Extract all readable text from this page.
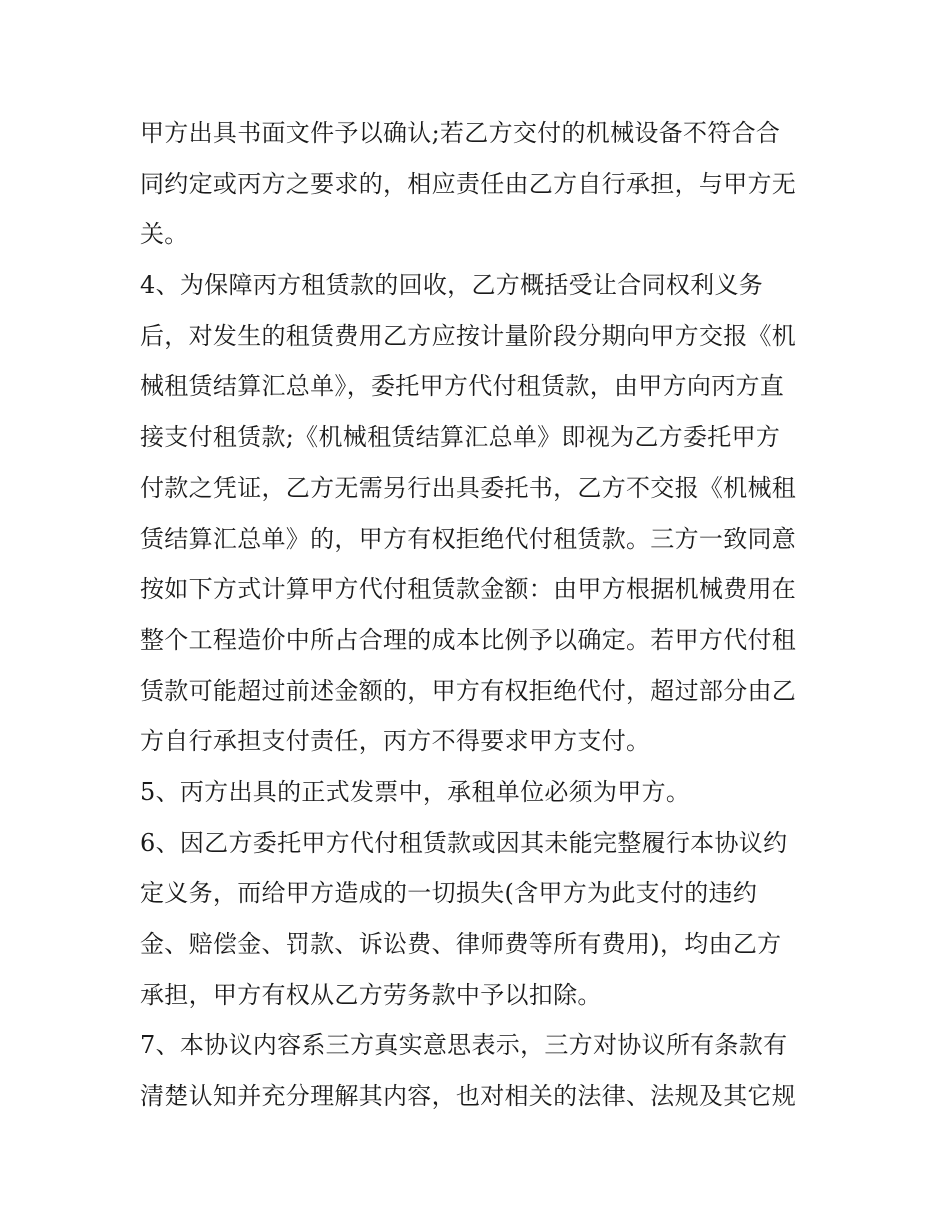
甲方出具书面文件予以确认;若乙方交付的机械设备不符合合
同约定或丙方之要求的，相应责任由乙方自行承担，与甲方无
关。
4、为保障丙方租赁款的回收，乙方概括受让合同权利义务
后，对发生的租赁费用乙方应按计量阶段分期向甲方交报《机
械租赁结算汇总单》，委托甲方代付租赁款，由甲方向丙方直
接支付租赁款;《机械租赁结算汇总单》即视为乙方委托甲方
付款之凭证，乙方无需另行出具委托书，乙方不交报《机械租
赁结算汇总单》的，甲方有权拒绝代付租赁款。三方一致同意
按如下方式计算甲方代付租赁款金额：由甲方根据机械费用在
整个工程造价中所占合理的成本比例予以确定。若甲方代付租
赁款可能超过前述金额的，甲方有权拒绝代付，超过部分由乙
方自行承担支付责任，丙方不得要求甲方支付。
5、丙方出具的正式发票中，承租单位必须为甲方。
6、因乙方委托甲方代付租赁款或因其未能完整履行本协议约
定义务，而给甲方造成的一切损失(含甲方为此支付的违约
金、赔偿金、罚款、诉讼费、律师费等所有费用)，均由乙方
承担，甲方有权从乙方劳务款中予以扣除。
7、本协议内容系三方真实意思表示，三方对协议所有条款有
清楚认知并充分理解其内容，也对相关的法律、法规及其它规
